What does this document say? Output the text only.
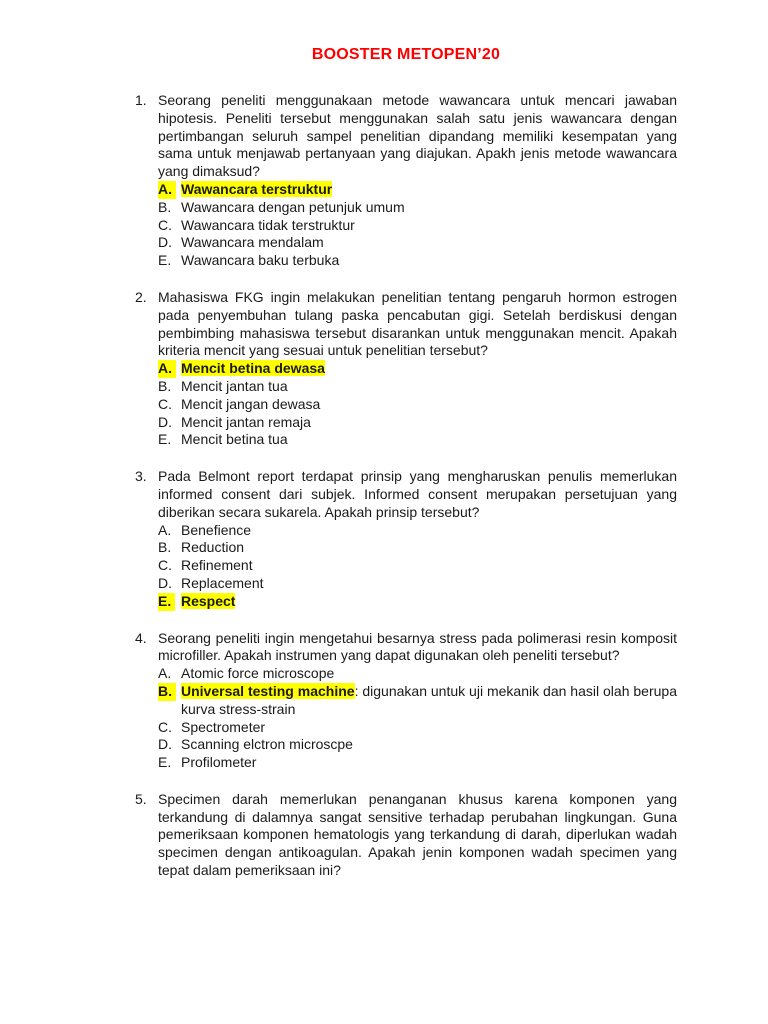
BOOSTER METOPEN’20
1. Seorang peneliti menggunakaan metode wawancara untuk mencari jawaban hipotesis. Peneliti tersebut menggunakan salah satu jenis wawancara dengan pertimbangan seluruh sampel penelitian dipandang memiliki kesempatan yang sama untuk menjawab pertanyaan yang diajukan. Apakh jenis metode wawancara yang dimaksud?
A. Wawancara terstruktur
B. Wawancara dengan petunjuk umum
C. Wawancara tidak terstruktur
D. Wawancara mendalam
E. Wawancara baku terbuka
2. Mahasiswa FKG ingin melakukan penelitian tentang pengaruh hormon estrogen pada penyembuhan tulang paska pencabutan gigi. Setelah berdiskusi dengan pembimbing mahasiswa tersebut disarankan untuk menggunakan mencit. Apakah kriteria mencit yang sesuai untuk penelitian tersebut?
A. Mencit betina dewasa
B. Mencit jantan tua
C. Mencit jangan dewasa
D. Mencit jantan remaja
E. Mencit betina tua
3. Pada Belmont report terdapat prinsip yang mengharuskan penulis memerlukan informed consent dari subjek. Informed consent merupakan persetujuan yang diberikan secara sukarela. Apakah prinsip tersebut?
A. Benefience
B. Reduction
C. Refinement
D. Replacement
E. Respect
4. Seorang peneliti ingin mengetahui besarnya stress pada polimerasi resin komposit microfiller. Apakah instrumen yang dapat digunakan oleh peneliti tersebut?
A. Atomic force microscope
B. Universal testing machine: digunakan untuk uji mekanik dan hasil olah berupa kurva stress-strain
C. Spectrometer
D. Scanning elctron microscpe
E. Profilometer
5. Specimen darah memerlukan penanganan khusus karena komponen yang terkandung di dalamnya sangat sensitive terhadap perubahan lingkungan. Guna pemeriksaan komponen hematologis yang terkandung di darah, diperlukan wadah specimen dengan antikoagulan. Apakah jenin komponen wadah specimen yang tepat dalam pemeriksaan ini?
